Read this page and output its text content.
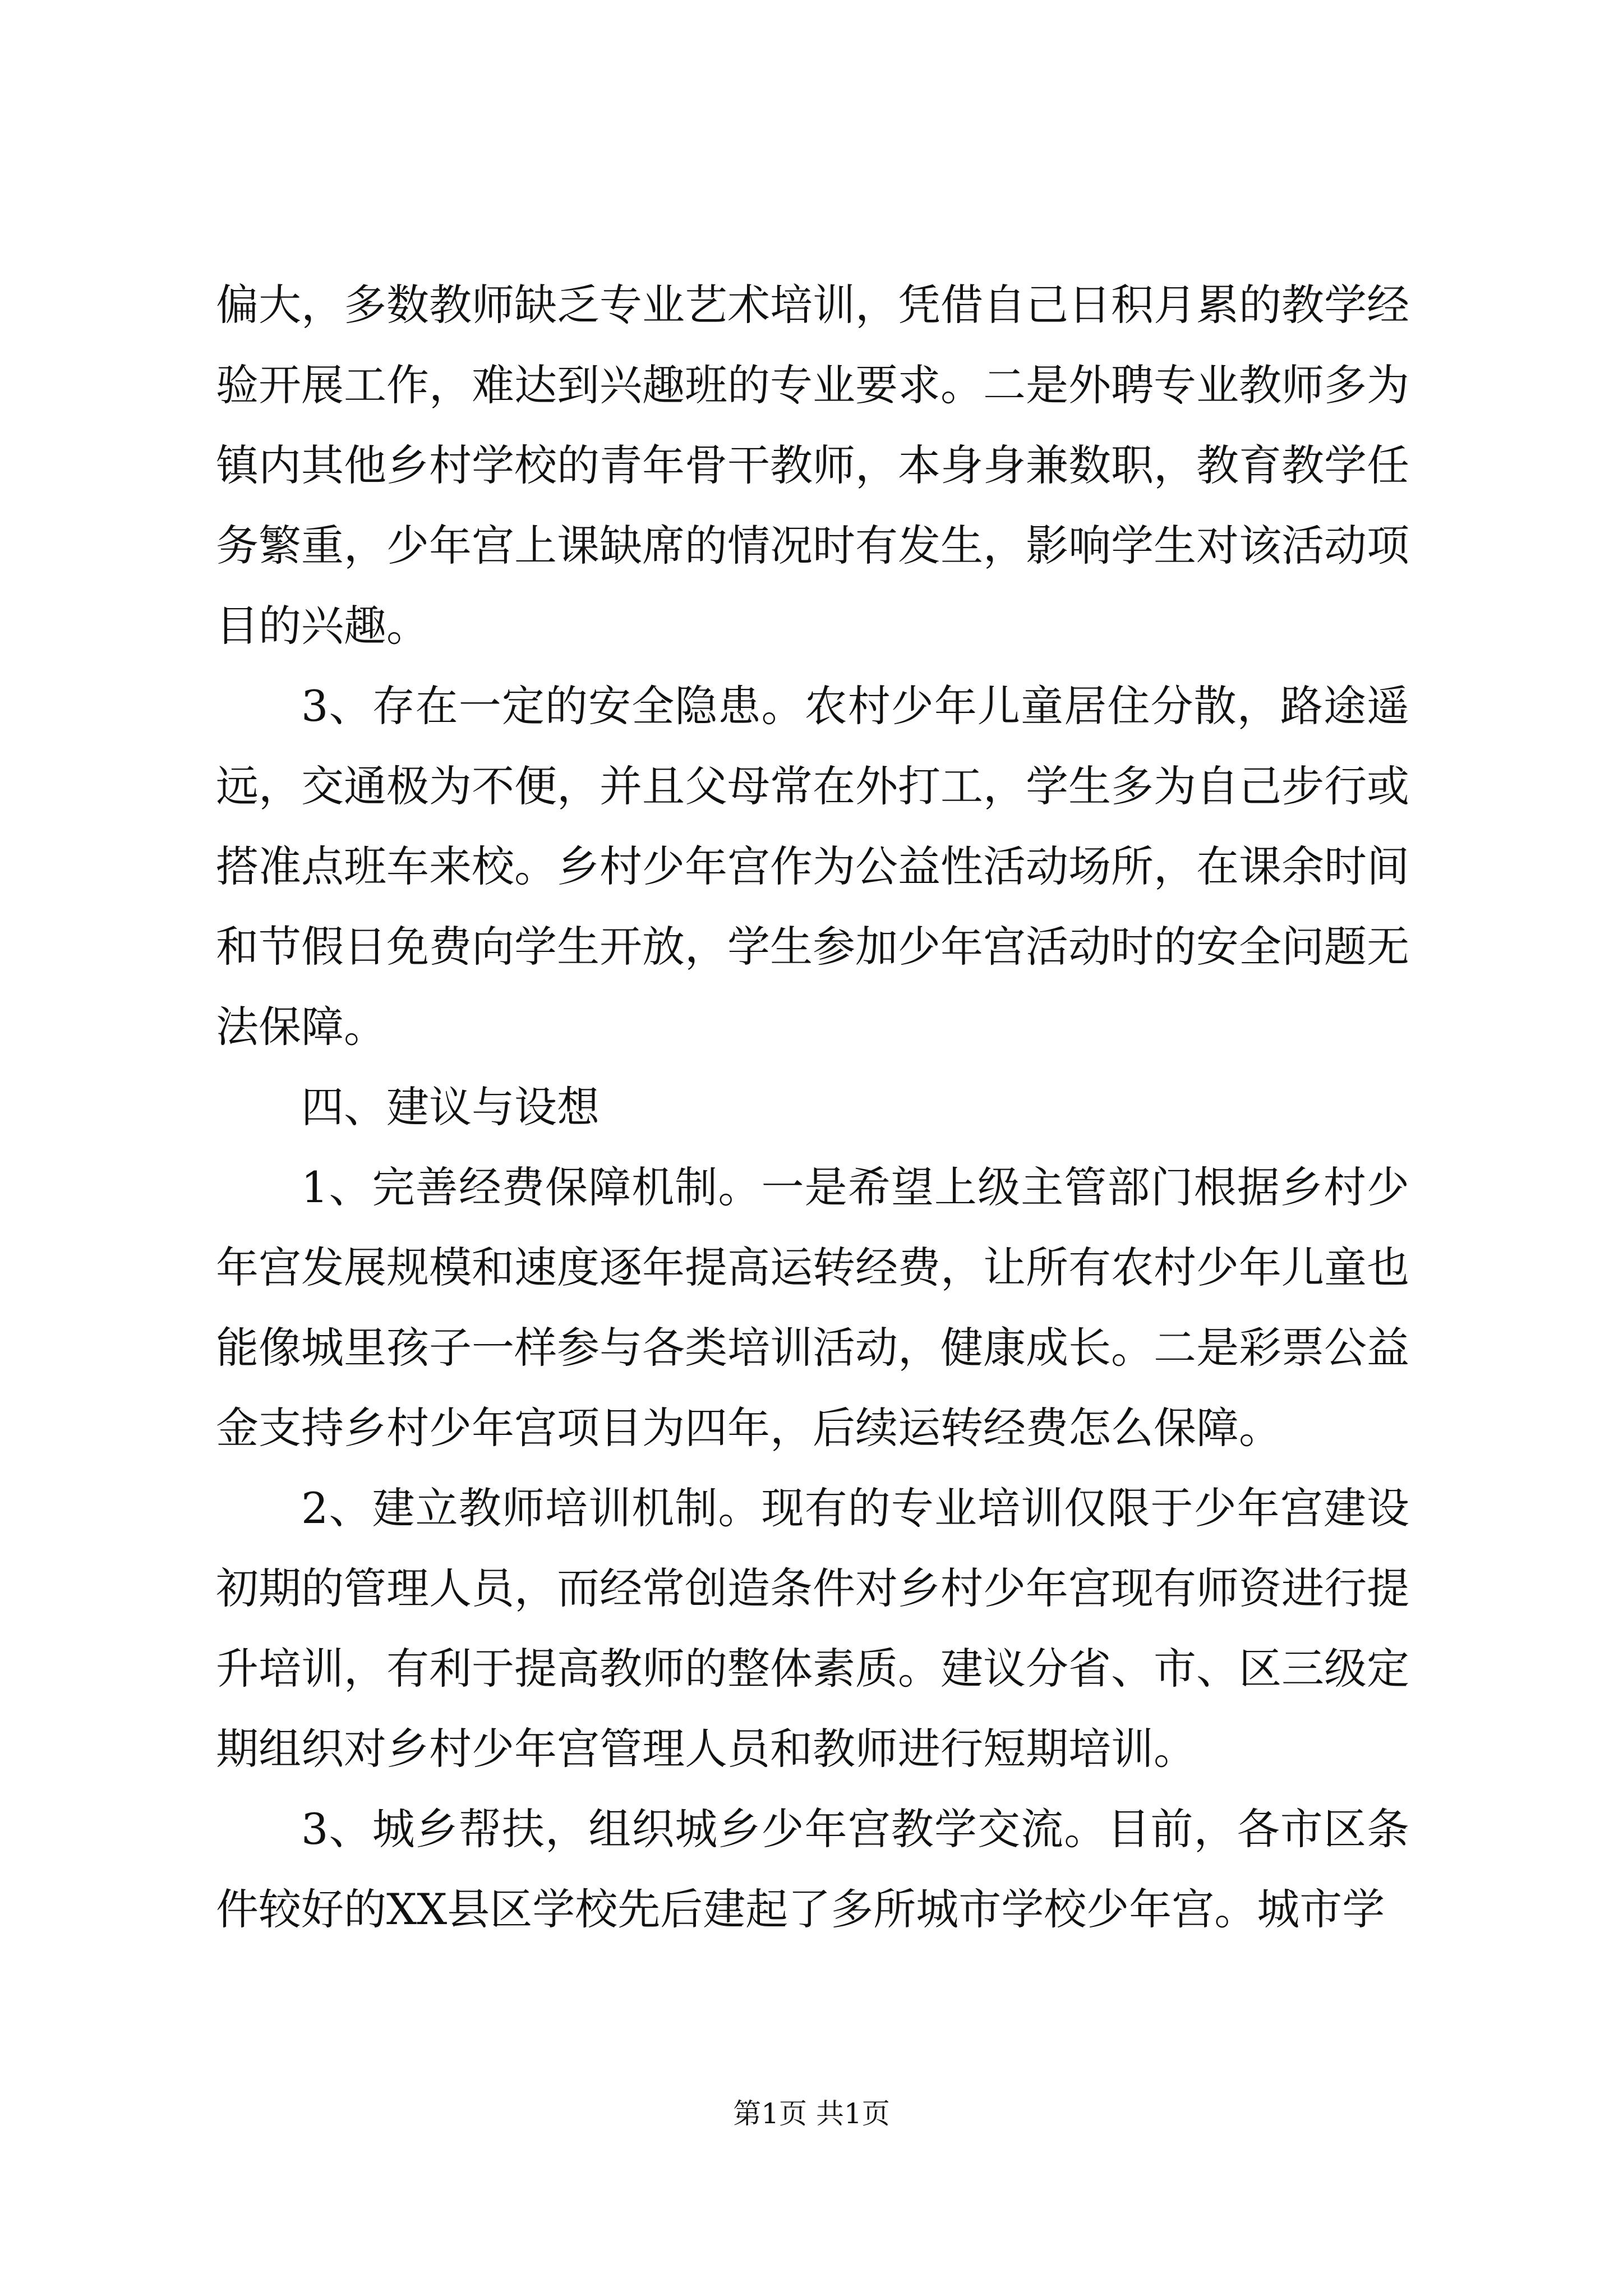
偏大，多数教师缺乏专业艺术培训，凭借自己日积月累的教学经验开展工作，难达到兴趣班的专业要求。二是外聘专业教师多为镇内其他乡村学校的青年骨干教师，本身身兼数职，教育教学任务繁重，少年宫上课缺席的情况时有发生，影响学生对该活动项目的兴趣。

3、存在一定的安全隐患。农村少年儿童居住分散，路途遥远，交通极为不便，并且父母常在外打工，学生多为自己步行或搭准点班车来校。乡村少年宫作为公益性活动场所，在课余时间和节假日免费向学生开放，学生参加少年宫活动时的安全问题无法保障。

四、建议与设想

1、完善经费保障机制。一是希望上级主管部门根据乡村少年宫发展规模和速度逐年提高运转经费，让所有农村少年儿童也能像城里孩子一样参与各类培训活动，健康成长。二是彩票公益金支持乡村少年宫项目为四年，后续运转经费怎么保障。

2、建立教师培训机制。现有的专业培训仅限于少年宫建设初期的管理人员，而经常创造条件对乡村少年宫现有师资进行提升培训，有利于提高教师的整体素质。建议分省、市、区三级定期组织对乡村少年宫管理人员和教师进行短期培训。

3、城乡帮扶，组织城乡少年宫教学交流。目前，各市区条件较好的XX县区学校先后建起了多所城市学校少年宫。城市学

第1页 共1页
